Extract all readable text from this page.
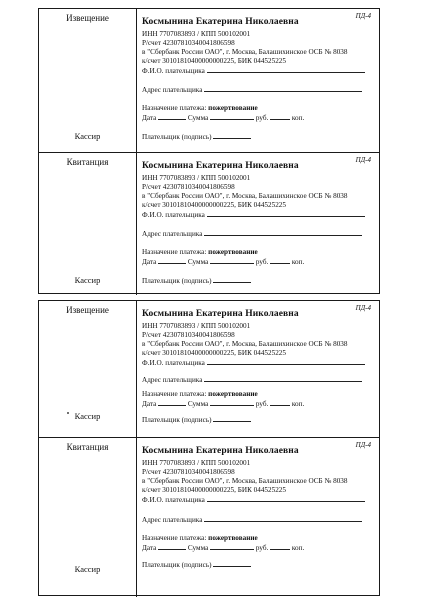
Извещение
Кассир
ПД-4
Космынина Екатерина Николаевна
ИНН 7707083893 / КПП 500102001
Р/счет 42307810340041806598
в "Сбербанк России ОАО", г. Москва, Балашихинское ОСБ № 8038
к/счет 30101810400000000225, БИК 044525225
Ф.И.О. плательщика
Адрес плательщика
Назначение платежа: пожертвование
Дата	Сумма	руб.	коп.
Плательщик (подпись)
Квитанция
Кассир
ПД-4
Космынина Екатерина Николаевна
ИНН 7707083893 / КПП 500102001
Р/счет 42307810340041806598
в "Сбербанк России ОАО", г. Москва, Балашихинское ОСБ № 8038
к/счет 30101810400000000225, БИК 044525225
Ф.И.О. плательщика
Адрес плательщика
Назначение платежа: пожертвование
Дата	Сумма	руб.	коп.
Плательщик (подпись)
Извещение
Кассир
ПД-4
Космынина Екатерина Николаевна
ИНН 7707083893 / КПП 500102001
Р/счет 42307810340041806598
в "Сбербанк России ОАО", г. Москва, Балашихинское ОСБ № 8038
к/счет 30101810400000000225, БИК 044525225
Ф.И.О. плательщика
Адрес плательщика
Назначение платежа: пожертвование
Дата	Сумма	руб.	коп.
Плательщик (подпись)
Квитанция
Кассир
ПД-4
Космынина Екатерина Николаевна
ИНН 7707083893 / КПП 500102001
Р/счет 42307810340041806598
в "Сбербанк России ОАО", г. Москва, Балашихинское ОСБ № 8038
к/счет 30101810400000000225, БИК 044525225
Ф.И.О. плательщика
Адрес плательщика
Назначение платежа: пожертвование
Дата	Сумма	руб.	коп.
Плательщик (подпись)
